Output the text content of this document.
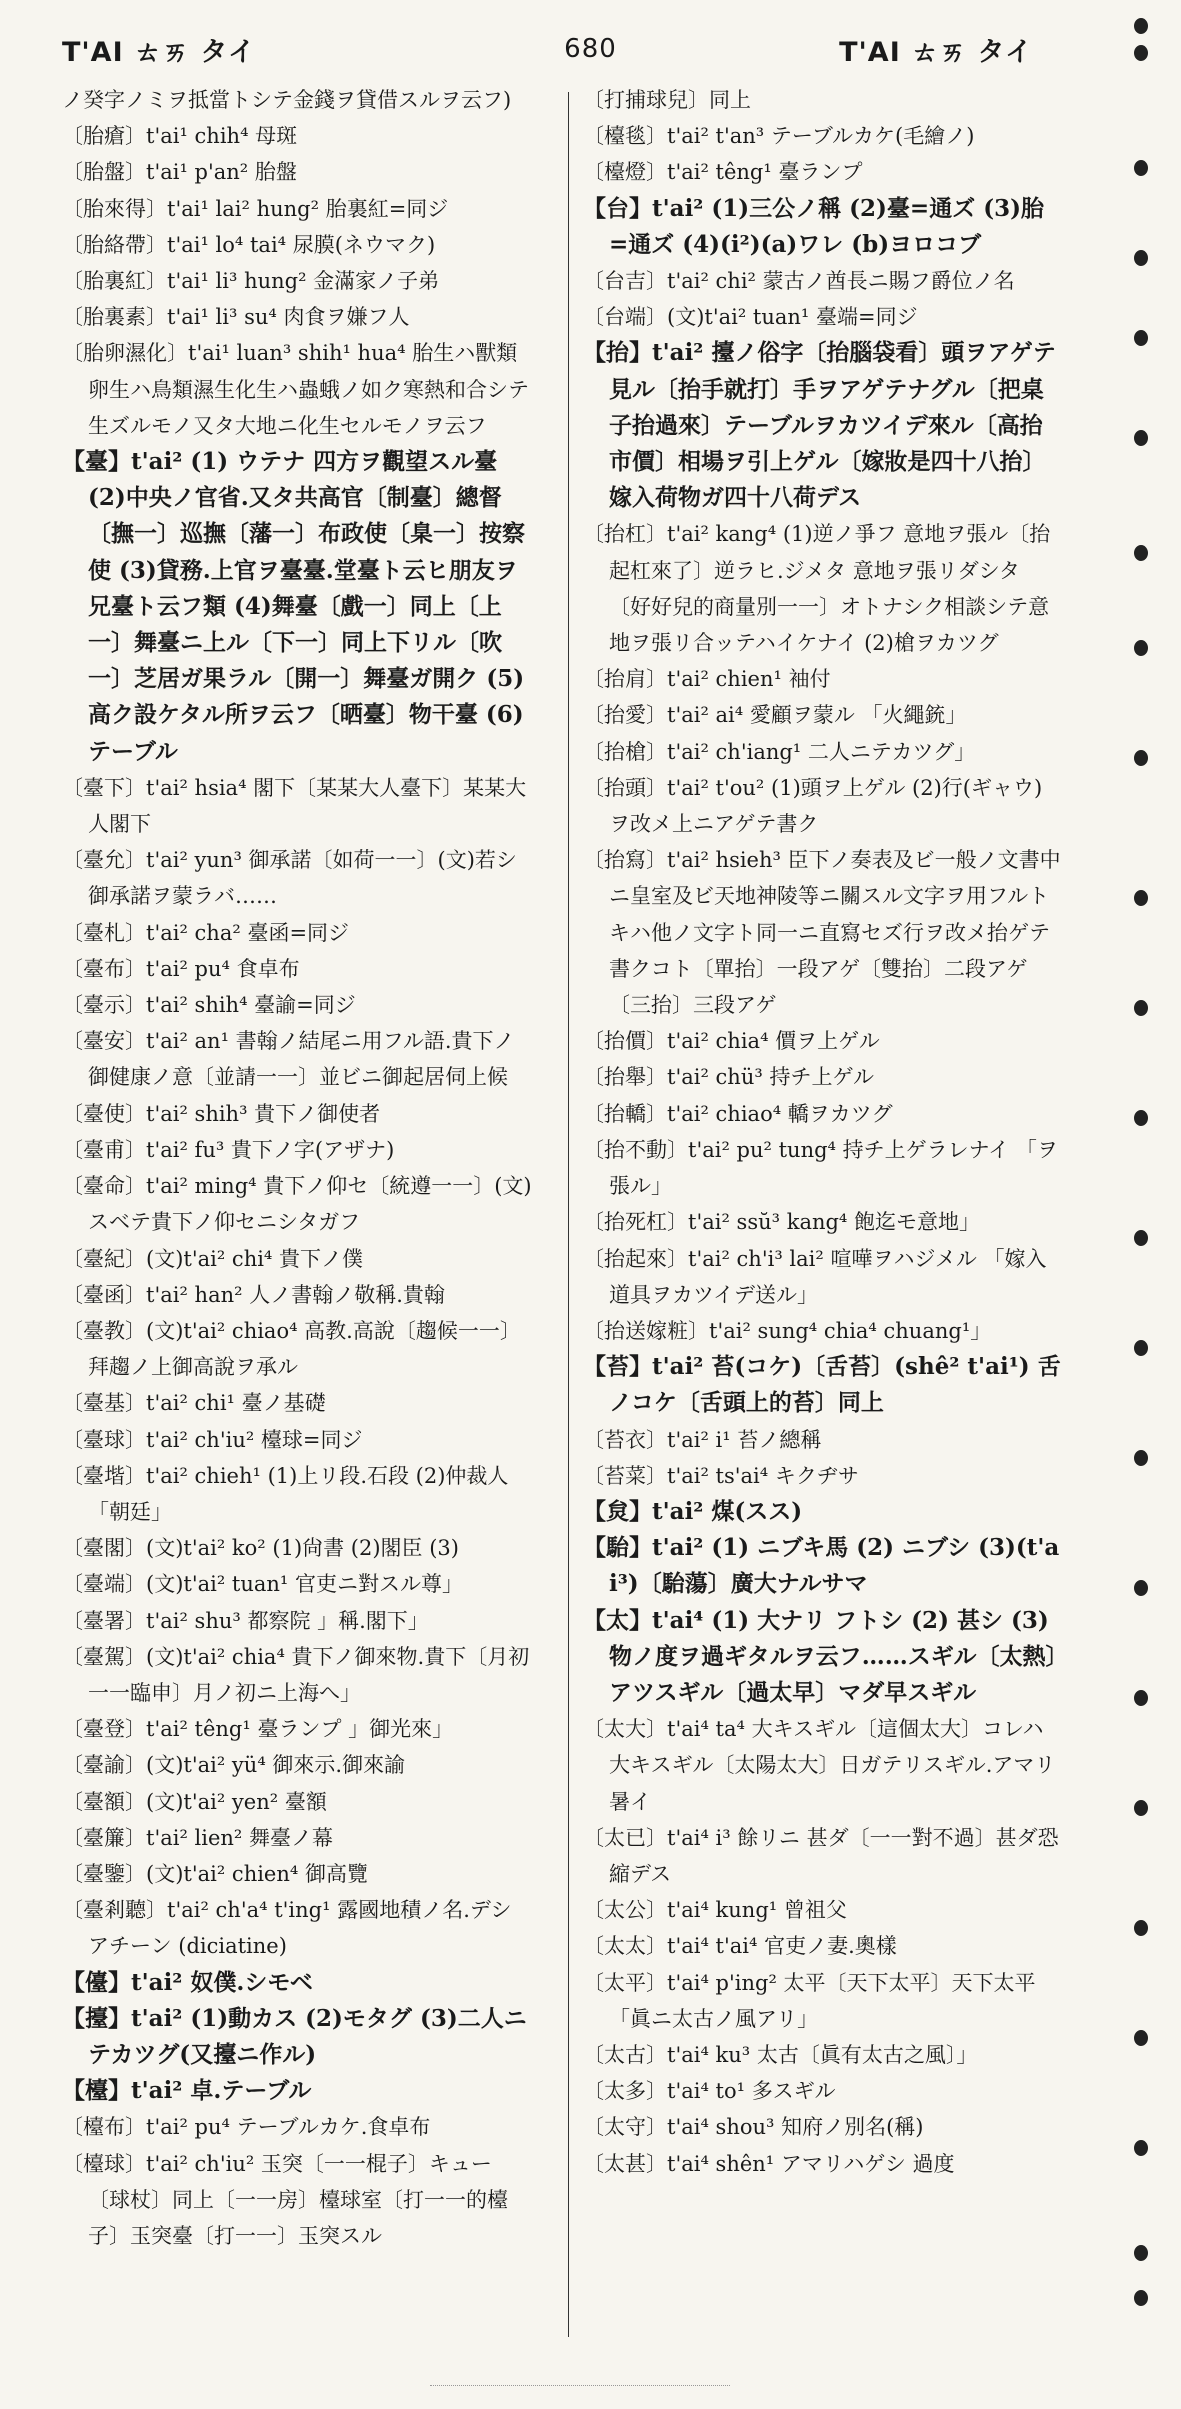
T'AI ㄊㄞ タイ	680	T'AI ㄊㄞ タイ

ノ癸字ノミヲ抵當トシテ金錢ヲ貸借スルヲ云フ)

〔胎瘡〕t'ai¹ chih⁴ 母斑

〔胎盤〕t'ai¹ p'an² 胎盤

〔胎來得〕t'ai¹ lai² hung² 胎裏紅=同ジ

〔胎絡帶〕t'ai¹ lo⁴ tai⁴ 尿膜(ネウマク)

〔胎裏紅〕t'ai¹ li³ hung² 金滿家ノ子弟

〔胎裏素〕t'ai¹ li³ su⁴ 肉食ヲ嫌フ人

〔胎卵濕化〕t'ai¹ luan³ shih¹ hua⁴ 胎生ハ獸類卵生ハ鳥類濕生化生ハ蟲蛾ノ如ク寒熱和合シテ生ズルモノ又タ大地ニ化生セルモノヲ云フ

【臺】t'ai² (1) ウテナ 四方ヲ觀望スル臺 (2)中央ノ官省.又タ共高官〔制臺〕總督〔撫一〕巡撫〔藩一〕布政使〔臬一〕按察使 (3)貸務.上官ヲ臺臺.堂臺ト云ヒ朋友ヲ兄臺ト云フ類 (4)舞臺〔戲一〕同上〔上一〕舞臺ニ上ル〔下一〕同上下リル〔吹一〕芝居ガ果ラル〔開一〕舞臺ガ開ク (5)高ク設ケタル所ヲ云フ〔晒臺〕物干臺 (6)テーブル

〔臺下〕t'ai² hsia⁴ 閣下〔某某大人臺下〕某某大人閣下

〔臺允〕t'ai² yun³ 御承諾〔如荷一一〕(文)若シ御承諾ヲ蒙ラバ……

〔臺札〕t'ai² cha² 臺函=同ジ

〔臺布〕t'ai² pu⁴ 食卓布

〔臺示〕t'ai² shih⁴ 臺諭=同ジ

〔臺安〕t'ai² an¹ 書翰ノ結尾ニ用フル語.貴下ノ御健康ノ意〔並請一一〕並ビニ御起居伺上候

〔臺使〕t'ai² shih³ 貴下ノ御使者

〔臺甫〕t'ai² fu³ 貴下ノ字(アザナ)

〔臺命〕t'ai² ming⁴ 貴下ノ仰セ〔統遵一一〕(文)スベテ貴下ノ仰セニシタガフ

〔臺紀〕(文)t'ai² chi⁴ 貴下ノ僕

〔臺函〕t'ai² han² 人ノ書翰ノ敬稱.貴翰

〔臺教〕(文)t'ai² chiao⁴ 高教.高說〔趨候一一〕拜趨ノ上御高說ヲ承ル

〔臺基〕t'ai² chi¹ 臺ノ基礎

〔臺球〕t'ai² ch'iu² 檯球=同ジ

〔臺堦〕t'ai² chieh¹ (1)上リ段.石段 (2)仲裁人 「朝廷」

〔臺閣〕(文)t'ai² ko² (1)尙書 (2)閣臣 (3)

〔臺端〕(文)t'ai² tuan¹ 官吏ニ對スル尊」

〔臺署〕t'ai² shu³ 都察院 」稱.閣下」

〔臺駕〕(文)t'ai² chia⁴ 貴下ノ御來物.貴下〔月初一一臨申〕月ノ初ニ上海へ」

〔臺登〕t'ai² têng¹ 臺ランプ 」御光來」

〔臺諭〕(文)t'ai² yü⁴ 御來示.御來諭

〔臺額〕(文)t'ai² yen² 臺額

〔臺簾〕t'ai² lien² 舞臺ノ幕

〔臺鑒〕(文)t'ai² chien⁴ 御高覽

〔臺剎聽〕t'ai² ch'a⁴ t'ing¹ 露國地積ノ名.デシアチーン (diciatine)

【儓】t'ai² 奴僕.シモベ

【擡】t'ai² (1)動カス (2)モタグ (3)二人ニテカツグ(又擡ニ作ル)

【檯】t'ai² 卓.テーブル

〔檯布〕t'ai² pu⁴ テーブルカケ.食卓布

〔檯球〕t'ai² ch'iu² 玉突〔一一棍子〕キュー〔球杖〕同上〔一一房〕檯球室〔打一一的檯子〕玉突臺〔打一一〕玉突スル

〔打捕球兒〕同上

〔檯毯〕t'ai² t'an³ テーブルカケ(毛繪ノ)

〔檯燈〕t'ai² têng¹ 臺ランプ

【台】t'ai² (1)三公ノ稱 (2)臺=通ズ (3)胎=通ズ (4)(i²)(a)ワレ (b)ヨロコブ

〔台吉〕t'ai² chi² 蒙古ノ酋長ニ賜フ爵位ノ名

〔台端〕(文)t'ai² tuan¹ 臺端=同ジ

【抬】t'ai² 擡ノ俗字〔抬腦袋看〕頭ヲアゲテ見ル〔抬手就打〕手ヲアゲテナグル〔把桌子抬過來〕テーブルヲカツイデ來ル〔高抬市價〕相場ヲ引上ゲル〔嫁妝是四十八抬〕嫁入荷物ガ四十八荷デス

〔抬杠〕t'ai² kang⁴ (1)逆ノ爭フ 意地ヲ張ル〔抬起杠來了〕逆ラヒ.ジメタ 意地ヲ張リダシタ〔好好兒的商量別一一〕オトナシク相談シテ意地ヲ張リ合ッテハイケナイ (2)槍ヲカツグ

〔抬肩〕t'ai² chien¹ 袖付

〔抬愛〕t'ai² ai⁴ 愛顧ヲ蒙ル 「火繩銃」

〔抬槍〕t'ai² ch'iang¹ 二人ニテカツグ」

〔抬頭〕t'ai² t'ou² (1)頭ヲ上ゲル (2)行(ギャウ)ヲ改メ上ニアゲテ書ク

〔抬寫〕t'ai² hsieh³ 臣下ノ奏表及ビ一般ノ文書中ニ皇室及ビ天地神陵等ニ關スル文字ヲ用フルトキハ他ノ文字ト同一ニ直寫セズ行ヲ改メ抬ゲテ書クコト〔單抬〕一段アゲ〔雙抬〕二段アゲ〔三抬〕三段アゲ

〔抬價〕t'ai² chia⁴ 價ヲ上ゲル

〔抬舉〕t'ai² chü³ 持チ上ゲル

〔抬轎〕t'ai² chiao⁴ 轎ヲカツグ

〔抬不動〕t'ai² pu² tung⁴ 持チ上ゲラレナイ 「ヲ張ル」

〔抬死杠〕t'ai² ssŭ³ kang⁴ 飽迄モ意地」

〔抬起來〕t'ai² ch'i³ lai² 喧嘩ヲハジメル 「嫁入道具ヲカツイデ送ル」

〔抬送嫁粧〕t'ai² sung⁴ chia⁴ chuang¹」

【苔】t'ai² 苔(コケ)〔舌苔〕(shê² t'ai¹) 舌ノコケ〔舌頭上的苔〕同上

〔苔衣〕t'ai² i¹ 苔ノ總稱

〔苔菜〕t'ai² ts'ai⁴ キクヂサ

【炱】t'ai² 煤(スス)

【駘】t'ai² (1) ニブキ馬 (2) ニブシ (3)(t'ai³)〔駘蕩〕廣大ナルサマ

【太】t'ai⁴ (1) 大ナリ フトシ (2) 甚シ (3) 物ノ度ヲ過ギタルヲ云フ……スギル〔太熱〕アツスギル〔過太早〕マダ早スギル

〔太大〕t'ai⁴ ta⁴ 大キスギル〔這個太大〕コレハ大キスギル〔太陽太大〕日ガテリスギル.アマリ暑イ

〔太已〕t'ai⁴ i³ 餘リニ 甚ダ〔一一對不過〕甚ダ恐縮デス

〔太公〕t'ai⁴ kung¹ 曾祖父

〔太太〕t'ai⁴ t'ai⁴ 官吏ノ妻.奧樣

〔太平〕t'ai⁴ p'ing² 太平〔天下太平〕天下太平 「眞ニ太古ノ風アリ」

〔太古〕t'ai⁴ ku³ 太古〔眞有太古之風〕」

〔太多〕t'ai⁴ to¹ 多スギル

〔太守〕t'ai⁴ shou³ 知府ノ別名(稱)

〔太甚〕t'ai⁴ shên¹ アマリハゲシ 過度
